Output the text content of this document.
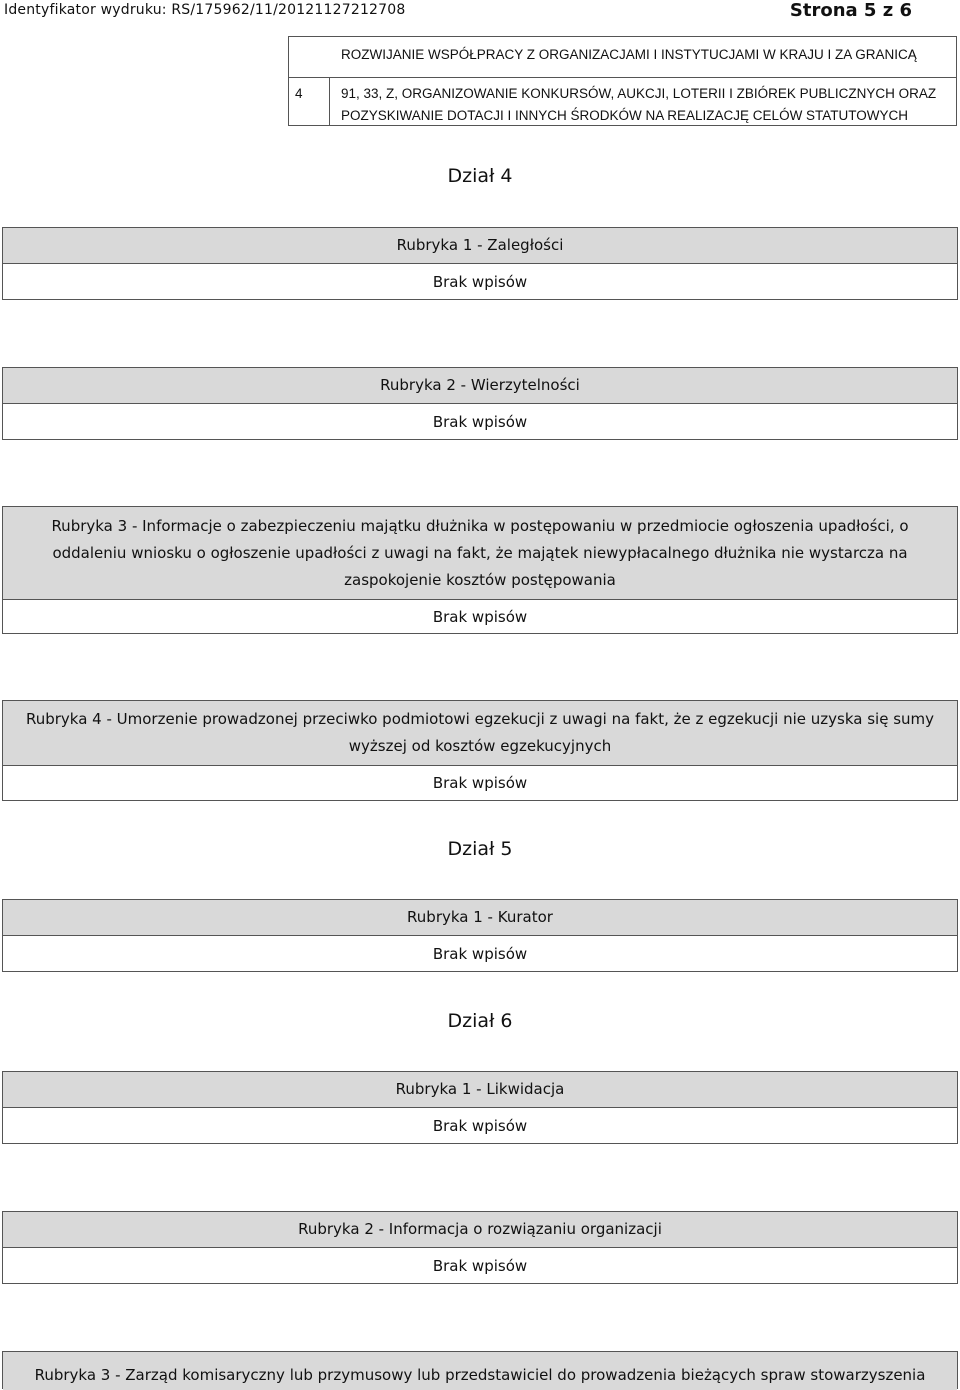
Identyfikator wydruku: RS/175962/11/20121127212708	Strona 5 z 6
ROZWIJANIE WSPÓŁPRACY Z ORGANIZACJAMI I INSTYTUCJAMI W KRAJU I ZA GRANICĄ
4	91, 33, Z, ORGANIZOWANIE KONKURSÓW, AUKCJI, LOTERII I ZBIÓREK PUBLICZNYCH ORAZ
POZYSKIWANIE DOTACJI I INNYCH ŚRODKÓW NA REALIZACJĘ CELÓW STATUTOWYCH
Dział 4
Rubryka 1 - Zaległości
Brak wpisów
Rubryka 2 - Wierzytelności
Brak wpisów
Rubryka 3 - Informacje o zabezpieczeniu majątku dłużnika w postępowaniu w przedmiocie ogłoszenia upadłości, o oddaleniu wniosku o ogłoszenie upadłości z uwagi na fakt, że majątek niewypłacalnego dłużnika nie wystarcza na zaspokojenie kosztów postępowania
Brak wpisów
Rubryka 4 - Umorzenie prowadzonej przeciwko podmiotowi egzekucji z uwagi na fakt, że z egzekucji nie uzyska się sumy wyższej od kosztów egzekucyjnych
Brak wpisów
Dział 5
Rubryka 1 - Kurator
Brak wpisów
Dział 6
Rubryka 1 - Likwidacja
Brak wpisów
Rubryka 2 - Informacja o rozwiązaniu organizacji
Brak wpisów
Rubryka 3 - Zarząd komisaryczny lub przymusowy lub przedstawiciel do prowadzenia bieżących spraw stowarzyszenia
